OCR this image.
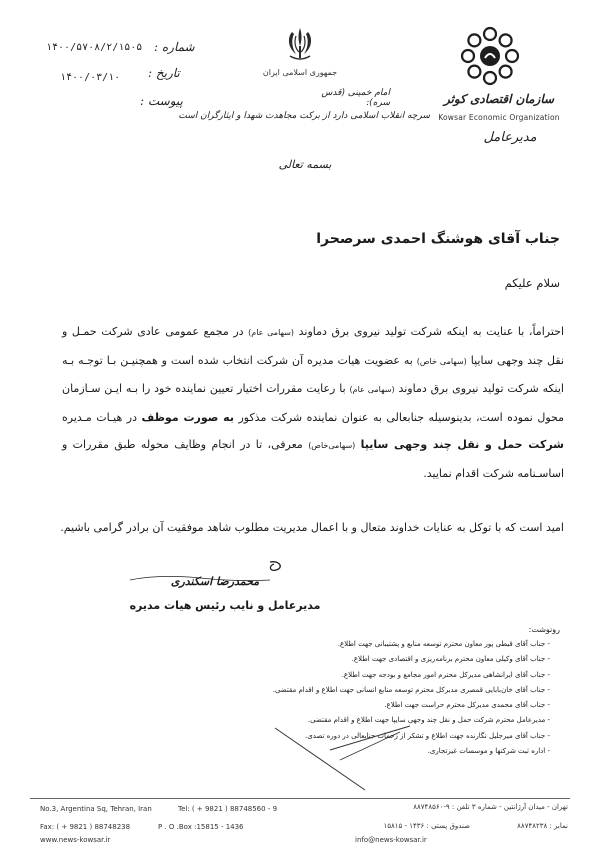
۱۴۰۰/۵۷۰۸/۲/۱۵۰۵ شماره :
۱۴۰۰/۰۳/۱۰ تاریخ :
پیوست :
جمهوری اسلامی ایران
امام خمینی (قدس سره):
سرچه انقلاب اسلامی دارد از برکت مجاهدت شهدا و ایثارگران است
سازمان اقتصادی کوثر
Kowsar Economic Organization
مدیرعامل
بسمه تعالی
جناب آقای هوشنگ احمدی سرصحرا
سلام علیکم
احتراماً، با عنایت به اینکه شرکت تولید نیروی برق دماوند (سهامی عام) در مجمع عمومی عادی شرکت حمـل و نقل چند وجهی سایپا (سهامی خاص) به عضویت هیات مدیره آن شرکت انتخاب شده است و همچنیـن بـا توجـه بـه اینکه شرکت تولید نیروی برق دماوند (سهامی عام) با رعایت مقررات اختیار تعیین نماینده خود را بـه ایـن سـازمان محول نموده است، بدینوسیله جنابعالی به عنوان نماینده شرکت مذکور به صورت موظف در هیـات مـدیره شرکت حمل و نقل چند وجهی سایپا (سهامی‌خاص) معرفی، تا در انجام وظایف محوله طبق مقررات و اساسـنامه شرکت اقدام نمایید.
امید است که با توکل به عنایات خداوند متعال و با اعمال مدیریت مطلوب شاهد موفقیت آن برادر گرامی باشیم.
محمدرضا اسکندری
مدیرعامل و نایب رئیس هیات مدیره
رونوشت:
- جناب آقای قیطی پور معاون محترم توسعه منابع و پشتیبانی جهت اطلاع.
- جناب آقای وکیلی معاون محترم برنامه‌ریزی و اقتصادی جهت اطلاع.
- جناب آقای ایرانشاهی مدیرکل محترم امور مجامع و بودجه جهت اطلاع.
- جناب آقای خان‌بابایی قمصری مدیرکل محترم توسعه منابع انسانی جهت اطلاع و اقدام مقتضی.
- جناب آقای محمدی مدیرکل محترم حراست جهت اطلاع.
- مدیرعامل محترم شرکت حمل و نقل چند وجهی سایپا جهت اطلاع و اقدام مقتضی.
- جناب آقای میرجلیل نگارنده جهت اطلاع و تشکر از زحمات جنابعالی در دوره تصدی.
- اداره ثبت شرکتها و موسسات غیرتجاری.
No.3, Argentina Sq, Tehran, Iran	Tel: ( + 9821 ) 88748560 - 9
Fax: ( + 9821 ) 88748238	P . O .Box :15815 - 1436
www.news-kowsar.ir
تهران - میدان آرژانتین - شماره ۳ تلفن : ۹-۸۸۷۴۸۵۶۰
نمابر : ۸۸۷۴۸۲۳۸
صندوق پستی : ۱۴۳۶ - ۱۵۸۱۵
info@news-kowsar.ir
